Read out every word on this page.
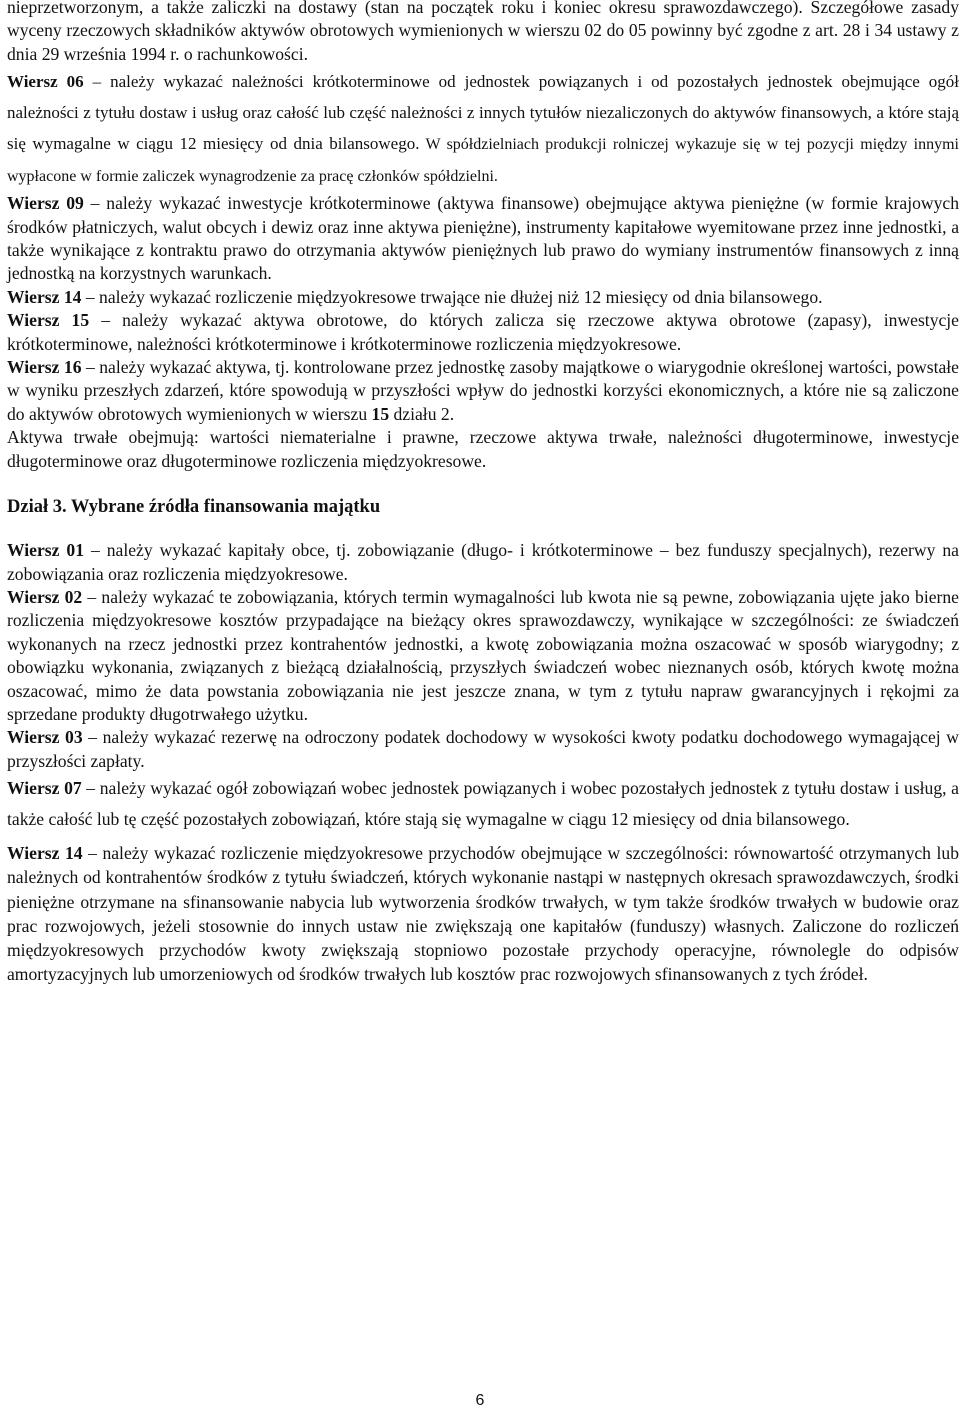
nieprzetworzonym, a także zaliczki na dostawy (stan na początek roku i koniec okresu sprawozdawczego). Szczegółowe zasady wyceny rzeczowych składników aktywów obrotowych wymienionych w wierszu 02 do 05 powinny być zgodne z art. 28 i 34 ustawy z dnia 29 września 1994 r. o rachunkowości.

Wiersz 06 – należy wykazać należności krótkoterminowe od jednostek powiązanych i od pozostałych jednostek obejmujące ogół należności z tytułu dostaw i usług oraz całość lub część należności z innych tytułów niezaliczonych do aktywów finansowych, a które stają się wymagalne w ciągu 12 miesięcy od dnia bilansowego. W spółdzielniach produkcji rolniczej wykazuje się w tej pozycji między innymi wypłacone w formie zaliczek wynagrodzenie za pracę członków spółdzielni.

Wiersz 09 – należy wykazać inwestycje krótkoterminowe (aktywa finansowe) obejmujące aktywa pieniężne (w formie krajowych środków płatniczych, walut obcych i dewiz oraz inne aktywa pieniężne), instrumenty kapitałowe wyemitowane przez inne jednostki, a także wynikające z kontraktu prawo do otrzymania aktywów pieniężnych lub prawo do wymiany instrumentów finansowych z inną jednostką na korzystnych warunkach.

Wiersz 14 – należy wykazać rozliczenie międzyokresowe trwające nie dłużej niż 12 miesięcy od dnia bilansowego.

Wiersz 15 – należy wykazać aktywa obrotowe, do których zalicza się rzeczowe aktywa obrotowe (zapasy), inwestycje krótkoterminowe, należności krótkoterminowe i krótkoterminowe rozliczenia międzyokresowe.

Wiersz 16 – należy wykazać aktywa, tj. kontrolowane przez jednostkę zasoby majątkowe o wiarygodnie określonej wartości, powstałe w wyniku przeszłych zdarzeń, które spowodują w przyszłości wpływ do jednostki korzyści ekonomicznych, a które nie są zaliczone do aktywów obrotowych wymienionych w wierszu 15 działu 2.

Aktywa trwałe obejmują: wartości niematerialne i prawne, rzeczowe aktywa trwałe, należności długoterminowe, inwestycje długoterminowe oraz długoterminowe rozliczenia międzyokresowe.

Dział 3. Wybrane źródła finansowania majątku

Wiersz 01 – należy wykazać kapitały obce, tj. zobowiązanie (długo- i krótkoterminowe – bez funduszy specjalnych), rezerwy na zobowiązania oraz rozliczenia międzyokresowe.

Wiersz 02 – należy wykazać te zobowiązania, których termin wymagalności lub kwota nie są pewne, zobowiązania ujęte jako bierne rozliczenia międzyokresowe kosztów przypadające na bieżący okres sprawozdawczy, wynikające w szczególności: ze świadczeń wykonanych na rzecz jednostki przez kontrahentów jednostki, a kwotę zobowiązania można oszacować w sposób wiarygodny; z obowiązku wykonania, związanych z bieżącą działalnością, przyszłych świadczeń wobec nieznanych osób, których kwotę można oszacować, mimo że data powstania zobowiązania nie jest jeszcze znana, w tym z tytułu napraw gwarancyjnych i rękojmi za sprzedane produkty długotrwałego użytku.

Wiersz 03 – należy wykazać rezerwę na odroczony podatek dochodowy w wysokości kwoty podatku dochodowego wymagającej w przyszłości zapłaty.

Wiersz 07 – należy wykazać ogół zobowiązań wobec jednostek powiązanych i wobec pozostałych jednostek z tytułu dostaw i usług, a także całość lub tę część pozostałych zobowiązań, które stają się wymagalne w ciągu 12 miesięcy od dnia bilansowego.

Wiersz 14 – należy wykazać rozliczenie międzyokresowe przychodów obejmujące w szczególności: równowartość otrzymanych lub należnych od kontrahentów środków z tytułu świadczeń, których wykonanie nastąpi w następnych okresach sprawozdawczych, środki pieniężne otrzymane na sfinansowanie nabycia lub wytworzenia środków trwałych, w tym także środków trwałych w budowie oraz prac rozwojowych, jeżeli stosownie do innych ustaw nie zwiększają one kapitałów (funduszy) własnych. Zaliczone do rozliczeń międzyokresowych przychodów kwoty zwiększają stopniowo pozostałe przychody operacyjne, równolegle do odpisów amortyzacyjnych lub umorzeniowych od środków trwałych lub kosztów prac rozwojowych sfinansowanych z tych źródeł.

6
